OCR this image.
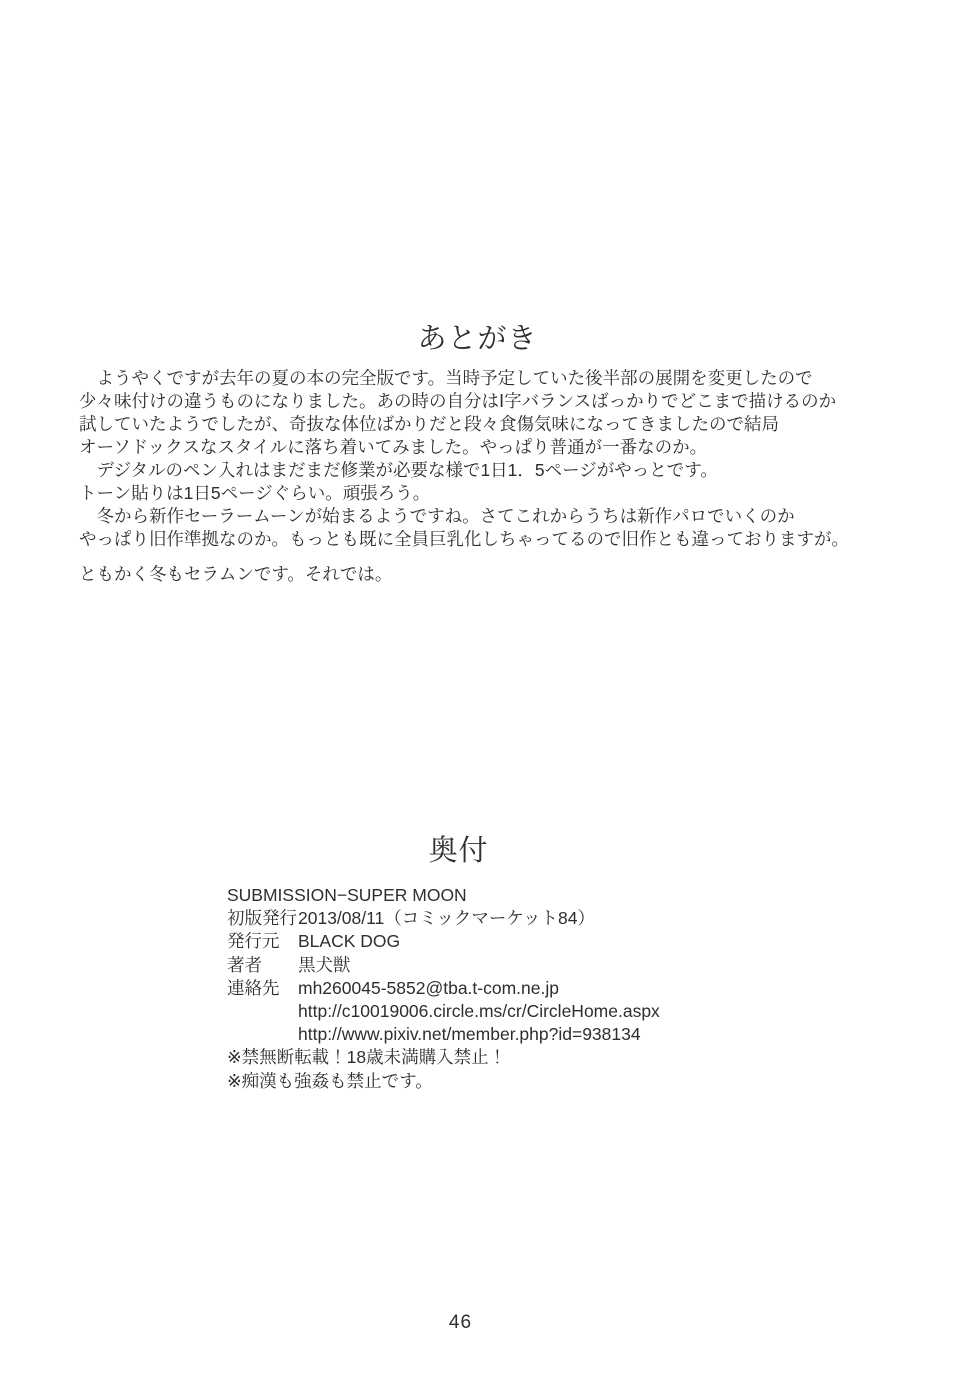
あとがき
　ようやくですが去年の夏の本の完全版です。当時予定していた後半部の展開を変更したので
少々味付けの違うものになりました。あの時の自分はⅠ字バランスばっかりでどこまで描けるのか
試していたようでしたが、奇抜な体位ばかりだと段々食傷気味になってきましたので結局
オーソドックスなスタイルに落ち着いてみました。やっぱり普通が一番なのか。
　デジタルのペン入れはまだまだ修業が必要な様で1日1．5ページがやっとです。
トーン貼りは1日5ページぐらい。頑張ろう。
　冬から新作セーラームーンが始まるようですね。さてこれからうちは新作パロでいくのか
やっぱり旧作準拠なのか。もっとも既に全員巨乳化しちゃってるので旧作とも違っておりますが。
ともかく冬もセラムンです。それでは。
奥付
SUBMISSION−SUPER MOON
初版発行 2013/08/11（コミックマーケット84）
発行元	BLACK DOG
著者	黒犬獣
連絡先	mh260045-5852@tba.t-com.ne.jp
http://c10019006.circle.ms/cr/CircleHome.aspx
http://www.pixiv.net/member.php?id=938134
※禁無断転載！18歳未満購入禁止！
※痴漢も強姦も禁止です。
46
